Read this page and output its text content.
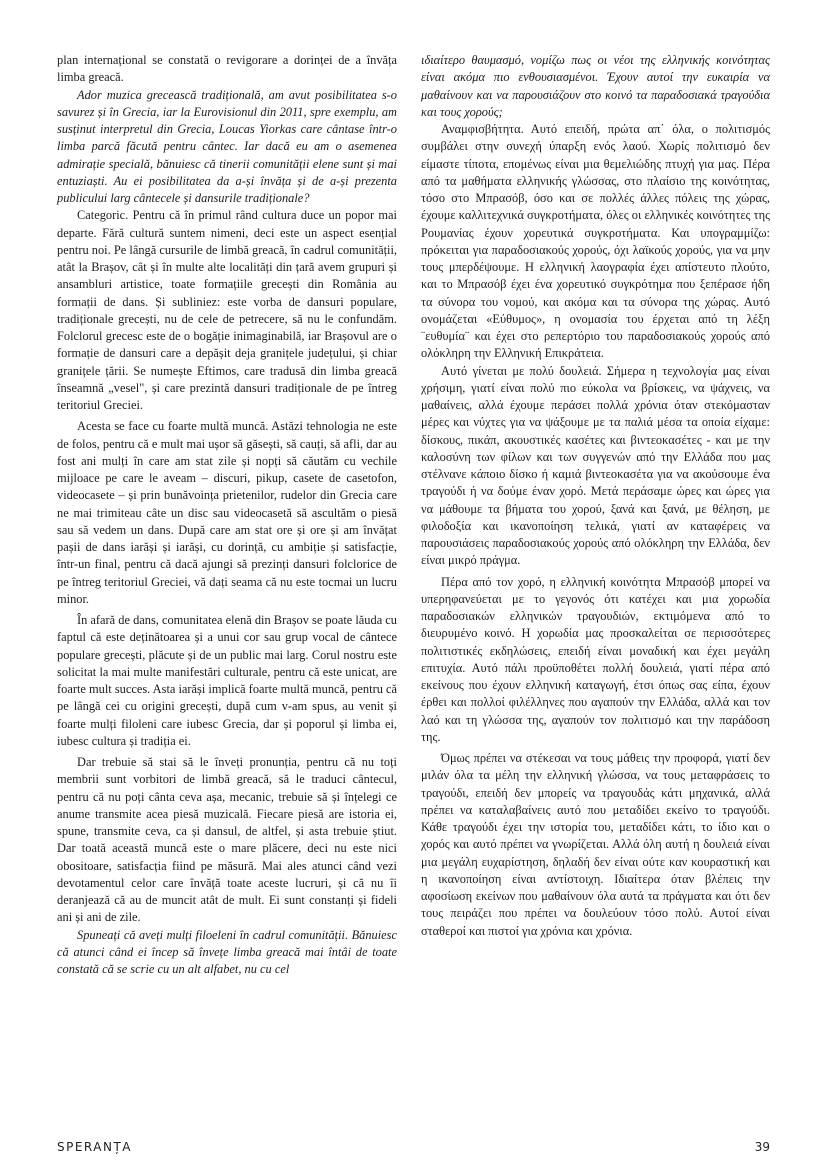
plan internațional se constată o revigorare a dorinței de a învăța limba greacă.

Ador muzica grecească tradițională, am avut posibilitatea s-o savurez și în Grecia, iar la Eurovisionul din 2011, spre exemplu, am susținut interpretul din Grecia, Loucas Yiorkas care cântase într-o limba parcă făcută pentru cântec. Iar dacă eu am o asemenea admirație specială, bănuiesc că tinerii comunității elene sunt și mai entuziaști. Au ei posibilitatea da a-și învăța și de a-și prezenta publicului larg cântecele și dansurile tradiționale?

Categoric. Pentru că în primul rând cultura duce un popor mai departe. Fără cultură suntem nimeni, deci este un aspect esențial pentru noi. Pe lângă cursurile de limbă greacă, în cadrul comunității, atât la Brașov, cât și în multe alte localități din țară avem grupuri și ansambluri artistice, toate formațiile grecești din România au formații de dans. Și subliniez: este vorba de dansuri populare, tradiționale grecești, nu de cele de petrecere, să nu le confundăm. Folclorul grecesc este de o bogăție inimaginabilă, iar Brașovul are o formație de dansuri care a depășit deja granițele județului, și chiar granițele țării. Se numește Eftimos, care tradusă din limba greacă înseamnă „vesel", și care prezintă dansuri tradiționale de pe întreg teritoriul Greciei.

Acesta se face cu foarte multă muncă. Astăzi tehnologia ne este de folos, pentru că e mult mai ușor să găsești, să cauți, să afli, dar au fost ani mulți în care am stat zile și nopți să căutăm cu vechile mijloace pe care le aveam – discuri, pikup, casete de casetofon, videocasete – și prin bunăvoința prietenilor, rudelor din Grecia care ne mai trimiteau câte un disc sau videocasetă să ascultăm o piesă sau să vedem un dans. După care am stat ore și ore și am învățat pașii de dans iarăși și iarăși, cu dorință, cu ambiție și satisfacție, într-un final, pentru că dacă ajungi să prezinți dansuri folclorice de pe întreg teritoriul Greciei, vă dați seama că nu este tocmai un lucru minor.

În afară de dans, comunitatea elenă din Brașov se poate lăuda cu faptul că este deținătoarea și a unui cor sau grup vocal de cântece populare grecești, plăcute și de un public mai larg. Corul nostru este solicitat la mai multe manifestări culturale, pentru că este unicat, are foarte mult succes. Asta iarăși implică foarte multă muncă, pentru că pe lângă cei cu origini grecești, după cum v-am spus, au venit și foarte mulți filoleni care iubesc Grecia, dar și poporul și limba ei, iubesc cultura și tradiția ei.

Dar trebuie să stai să le înveți pronunția, pentru că nu toți membrii sunt vorbitori de limbă greacă, să le traduci cântecul, pentru că nu poți cânta ceva așa, mecanic, trebuie să și înțelegi ce anume transmite acea piesă muzicală. Fiecare piesă are istoria ei, spune, transmite ceva, ca și dansul, de altfel, și asta trebuie știut. Dar toată această muncă este o mare plăcere, deci nu este nici obositoare, satisfacția fiind pe măsură. Mai ales atunci când vezi devotamentul celor care învăță toate aceste lucruri, și că nu îi deranjează că au de muncit atât de mult. Ei sunt constanți și fideli ani și ani de zile.

Spuneați că aveți mulți filoeleni în cadrul comunității. Bănuiesc că atunci când ei încep să învețe limba greacă mai întâi de toate constată că se scrie cu un alt alfabet, nu cu cel

ιδιαίτερο θαυμασμό, νομίζω πως οι νέοι της ελληνικής κοινότητας είναι ακόμα πιο ενθουσιασμένοι. Έχουν αυτοί την ευκαιρία να μαθαίνουν και να παρουσιάζουν στο κοινό τα παραδοσιακά τραγούδια και τους χορούς;

Αναμφισβήτητα. Αυτό επειδή, πρώτα απ΄ όλα, ο πολιτισμός συμβάλει στην συνεχή ύπαρξη ενός λαού. Χωρίς πολιτισμό δεν είμαστε τίποτα, επομένως είναι μια θεμελιώδης πτυχή για μας. Πέρα από τα μαθήματα ελληνικής γλώσσας, στο πλαίσιο της κοινότητας, τόσο στο Μπρασόβ, όσο και σε πολλές άλλες πόλεις της χώρας, έχουμε καλλιτεχνικά συγκροτήματα, όλες οι ελληνικές κοινότητες της Ρουμανίας έχουν χορευτικά συγκροτήματα. Και υπογραμμίζω: πρόκειται για παραδοσιακούς χορούς, όχι λαϊκούς χορούς, για να μην τους μπερδέψουμε. Η ελληνική λαογραφία έχει απίστευτο πλούτο, και το Μπρασόβ έχει ένα χορευτικό συγκρότημα που ξεπέρασε ήδη τα σύνορα του νομού, και ακόμα και τα σύνορα της χώρας. Αυτό ονομάζεται «Εύθυμος», η ονομασία του έρχεται από τη λέξη ¨ευθυμία¨ και έχει στο ρεπερτόριο του παραδοσιακούς χορούς από ολόκληρη την Ελληνική Επικράτεια.

Αυτό γίνεται με πολύ δουλειά. Σήμερα η τεχνολογία μας είναι χρήσιμη, γιατί είναι πολύ πιο εύκολα να βρίσκεις, να ψάχνεις, να μαθαίνεις, αλλά έχουμε περάσει πολλά χρόνια όταν στεκόμασταν μέρες και νύχτες για να ψάξουμε με τα παλιά μέσα τα οποία είχαμε: δίσκους, πικάπ, ακουστικές κασέτες και βιντεοκασέτες - και με την καλοσύνη των φίλων και των συγγενών από την Ελλάδα που μας στέλνανε κάποιο δίσκο ή καμιά βιντεοκασέτα για να ακούσουμε ένα τραγούδι ή να δούμε έναν χορό. Μετά περάσαμε ώρες και ώρες για να μάθουμε τα βήματα του χορού, ξανά και ξανά, με θέληση, με φιλοδοξία και ικανοποίηση τελικά, γιατί αν καταφέρεις να παρουσιάσεις παραδοσιακούς χορούς από ολόκληρη την Ελλάδα, δεν είναι μικρό πράγμα.

Πέρα από τον χορό, η ελληνική κοινότητα Μπρασόβ μπορεί να υπερηφανεύεται με το γεγονός ότι κατέχει και μια χορωδία παραδοσιακών ελληνικών τραγουδιών, εκτιμόμενα από το διευρυμένο κοινό. Η χορωδία μας προσκαλείται σε περισσότερες πολιτιστικές εκδηλώσεις, επειδή είναι μοναδική και έχει μεγάλη επιτυχία. Αυτό πάλι προϋποθέτει πολλή δουλειά, γιατί πέρα από εκείνους που έχουν ελληνική καταγωγή, έτσι όπως σας είπα, έχουν έρθει και πολλοί φιλέλληνες που αγαπούν την Ελλάδα, αλλά και τον λαό και τη γλώσσα της, αγαπούν τον πολιτισμό και την παράδοση της.

Όμως πρέπει να στέκεσαι να τους μάθεις την προφορά, γιατί δεν μιλάν όλα τα μέλη την ελληνική γλώσσα, να τους μεταφράσεις το τραγούδι, επειδή δεν μπορείς να τραγουδάς κάτι μηχανικά, αλλά πρέπει να καταλαβαίνεις αυτό που μεταδίδει εκείνο το τραγούδι. Κάθε τραγούδι έχει την ιστορία του, μεταδίδει κάτι, το ίδιο και ο χορός και αυτό πρέπει να γνωρίζεται. Αλλά όλη αυτή η δουλειά είναι μια μεγάλη ευχαρίστηση, δηλαδή δεν είναι ούτε καν κουραστική και η ικανοποίηση είναι αντίστοιχη. Ιδιαίτερα όταν βλέπεις την αφοσίωση εκείνων που μαθαίνουν όλα αυτά τα πράγματα και ότι δεν τους πειράζει που πρέπει να δουλεύουν τόσο πολύ. Αυτοί είναι σταθεροί και πιστοί για χρόνια και χρόνια.

SPERANȚA	39
